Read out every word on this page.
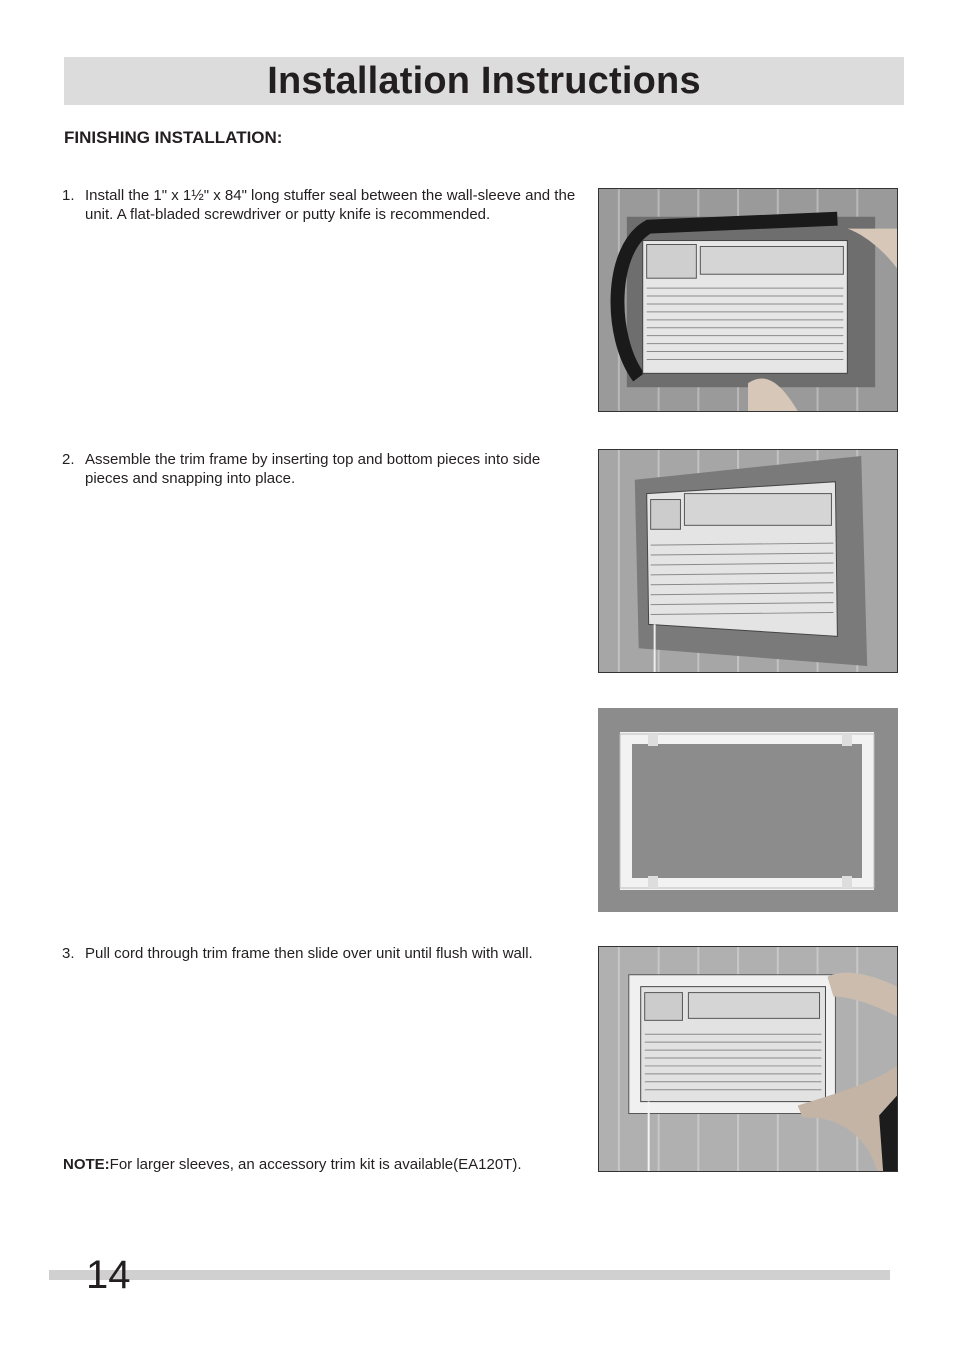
Installation Instructions

FINISHING INSTALLATION:

1. Install the 1" x 1½" x 84" long stuffer seal between the wall-sleeve and the unit. A flat-bladed screwdriver or putty knife is recommended.
2. Assemble the trim frame by inserting top and bottom pieces into side pieces and snapping into place.
3. Pull cord through trim frame then slide over unit until flush with wall.

NOTE:For larger sleeves, an accessory trim kit is available(EA120T).

14
